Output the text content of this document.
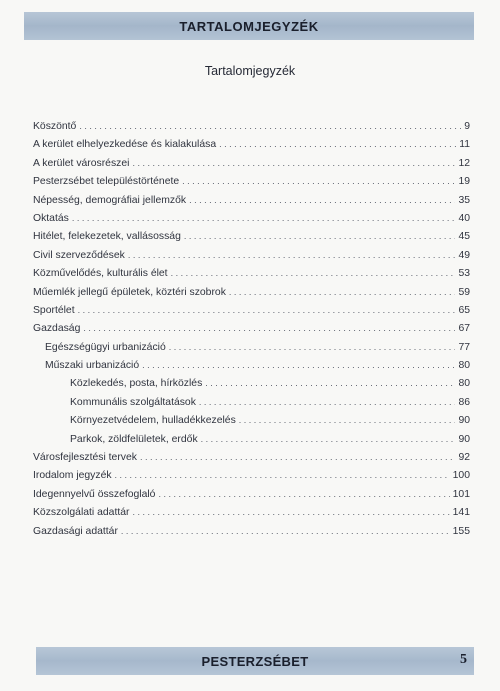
TARTALOMJEGYZÉK
Tartalomjegyzék
Köszöntő . . .	9
A kerület elhelyezkedése és kialakulása . . .	11
A kerület városrészei . . .	12
Pesterzsébet településtörténete . . .	19
Népesség, demográfiai jellemzők . . .	35
Oktatás . . .	40
Hitélet, felekezetek, vallásosság . . .	45
Civil szerveződések . . .	49
Közművelődés, kulturális élet . . .	53
Műemlék jellegű épületek, köztéri szobrok . . .	59
Sportélet . . .	65
Gazdaság . . .	67
Egészségügyi urbanizáció . . .	77
Műszaki urbanizáció . . .	80
Közlekedés, posta, hírközlés . . .	80
Kommunális szolgáltatások . . .	86
Környezetvédelem, hulladékkezelés . . .	90
Parkok, zöldfelületek, erdők . . .	90
Városfejlesztési tervek . . .	92
Irodalom jegyzék . . .	100
Idegennyelvű összefoglaló . . .	101
Közszolgálati adattár . . .	141
Gazdasági adattár . . .	155
PESTERZSÉBET	5
